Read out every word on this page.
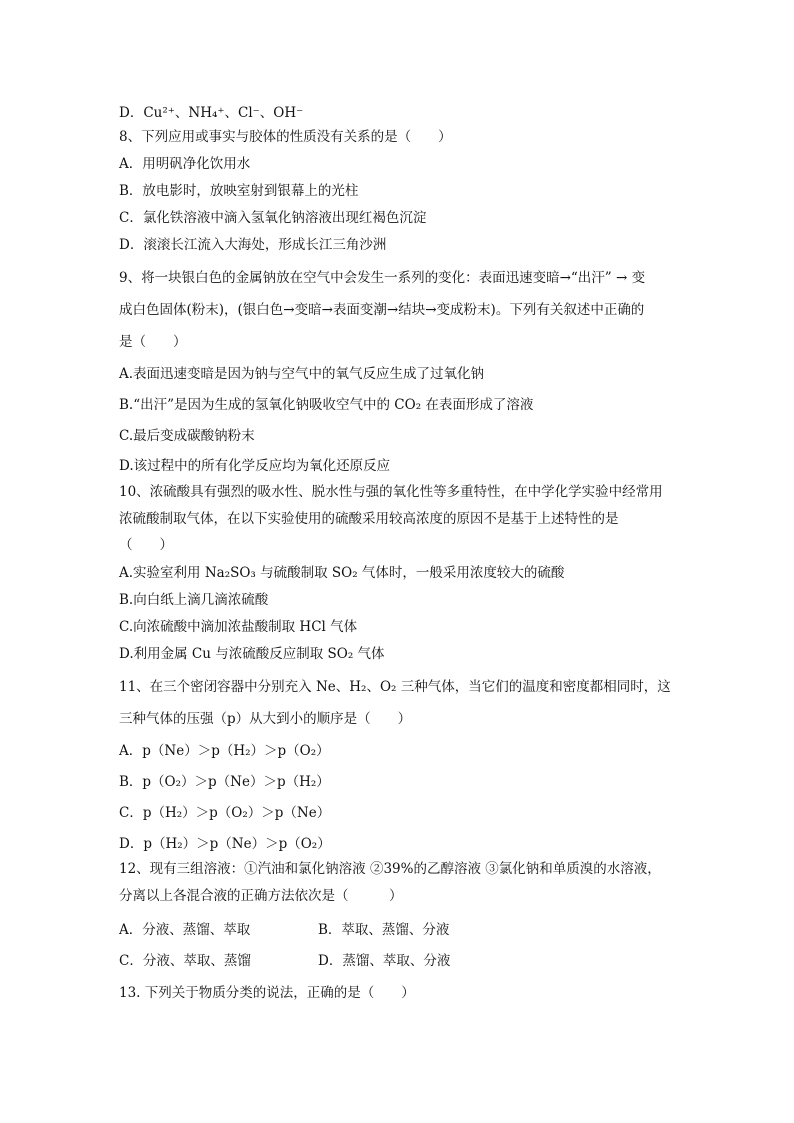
D．Cu²⁺、NH₄⁺、Cl⁻、OH⁻
8、下列应用或事实与胶体的性质没有关系的是（　　）
A．用明矾净化饮用水
B．放电影时，放映室射到银幕上的光柱
C．氯化铁溶液中滴入氢氧化钠溶液出现红褐色沉淀
D．滚滚长江流入大海处，形成长江三角沙洲
9、将一块银白色的金属钠放在空气中会发生一系列的变化：表面迅速变暗→“出汗” → 变
成白色固体(粉末)，(银白色→变暗→表面变潮→结块→变成粉末)。下列有关叙述中正确的
是（　　）
A.表面迅速变暗是因为钠与空气中的氧气反应生成了过氧化钠
B.“出汗”是因为生成的氢氧化钠吸收空气中的 CO₂ 在表面形成了溶液
C.最后变成碳酸钠粉末
D.该过程中的所有化学反应均为氧化还原反应
10、浓硫酸具有强烈的吸水性、脱水性与强的氧化性等多重特性，在中学化学实验中经常用
浓硫酸制取气体，在以下实验使用的硫酸采用较高浓度的原因不是基于上述特性的是
（　　）
A.实验室利用 Na₂SO₃ 与硫酸制取 SO₂ 气体时，一般采用浓度较大的硫酸
B.向白纸上滴几滴浓硫酸
C.向浓硫酸中滴加浓盐酸制取 HCl 气体
D.利用金属 Cu 与浓硫酸反应制取 SO₂ 气体
11、在三个密闭容器中分别充入 Ne、H₂、O₂ 三种气体，当它们的温度和密度都相同时，这
三种气体的压强（p）从大到小的顺序是（　　）
A．p（Ne）＞p（H₂）＞p（O₂）
B．p（O₂）＞p（Ne）＞p（H₂）
C．p（H₂）＞p（O₂）＞p（Ne）
D．p（H₂）＞p（Ne）＞p（O₂）
12、现有三组溶液：①汽油和氯化钠溶液 ②39%的乙醇溶液 ③氯化钠和单质溴的水溶液，
分离以上各混合液的正确方法依次是（　　　）
A．分液、蒸馏、萃取	B．萃取、蒸馏、分液
C．分液、萃取、蒸馏	D．蒸馏、萃取、分液
13. 下列关于物质分类的说法，正确的是（　　）
